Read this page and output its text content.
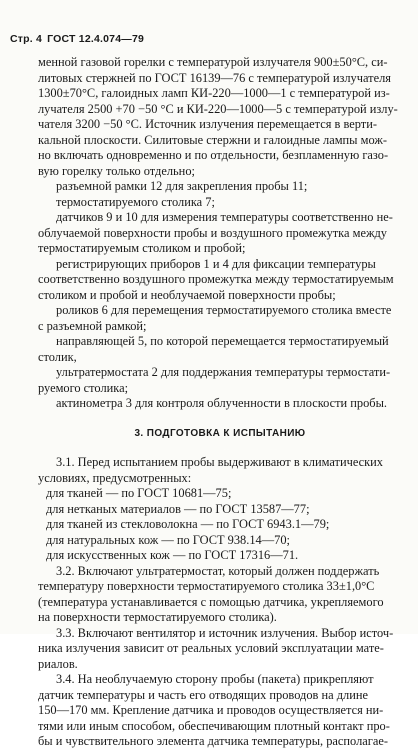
Стр. 4 ГОСТ 12.4.074—79
менной газовой горелки с температурой излучателя 900±50°С, си-
литовых стержней по ГОСТ 16139—76 с температурой излучателя
1300±70°С, галоидных ламп КИ-220—1000—1 с температурой из-
лучателя 2500 +70 −50 °С и КИ-220—1000—5 с температурой излу-
чателя 3200 −50 °С. Источник излучения перемещается в верти-
кальной плоскости. Силитовые стержни и галоидные лампы мож-
но включать одновременно и по отдельности, безпламенную газо-
вую горелку только отдельно;
разъемной рамки 12 для закрепления пробы 11;
термостатируемого столика 7;
датчиков 9 и 10 для измерения температуры соответственно не-
облучаемой поверхности пробы и воздушного промежутка между
термостатируемым столиком и пробой;
регистрирующих приборов 1 и 4 для фиксации температуры
соответственно воздушного промежутка между термостатируемым
столиком и пробой и необлучаемой поверхности пробы;
роликов 6 для перемещения термостатируемого столика вместе
с разъемной рамкой;
направляющей 5, по которой перемещается термостатируемый
столик,
ультратермостата 2 для поддержания температуры термостати-
руемого столика;
актинометра 3 для контроля облученности в плоскости пробы.
3. ПОДГОТОВКА К ИСПЫТАНИЮ
3.1. Перед испытанием пробы выдерживают в климатических
условиях, предусмотренных:
для тканей — по ГОСТ 10681—75;
для нетканых материалов — по ГОСТ 13587—77;
для тканей из стекловолокна — по ГОСТ 6943.1—79;
для натуральных кож — по ГОСТ 938.14—70;
для искусственных кож — по ГОСТ 17316—71.
3.2. Включают ультратермостат, который должен поддержать
температуру поверхности термостатируемого столика 33±1,0°С
(температура устанавливается с помощью датчика, укрепляемого
на поверхности термостатируемого столика).
3.3. Включают вентилятор и источник излучения. Выбор источ-
ника излучения зависит от реальных условий эксплуатации мате-
риалов.
3.4. На необлучаемую сторону пробы (пакета) прикрепляют
датчик температуры и часть его отводящих проводов на длине
150—170 мм. Крепление датчика и проводов осуществляется ни-
тями или иным способом, обеспечивающим плотный контакт про-
бы и чувствительного элемента датчика температуры, располагае-
